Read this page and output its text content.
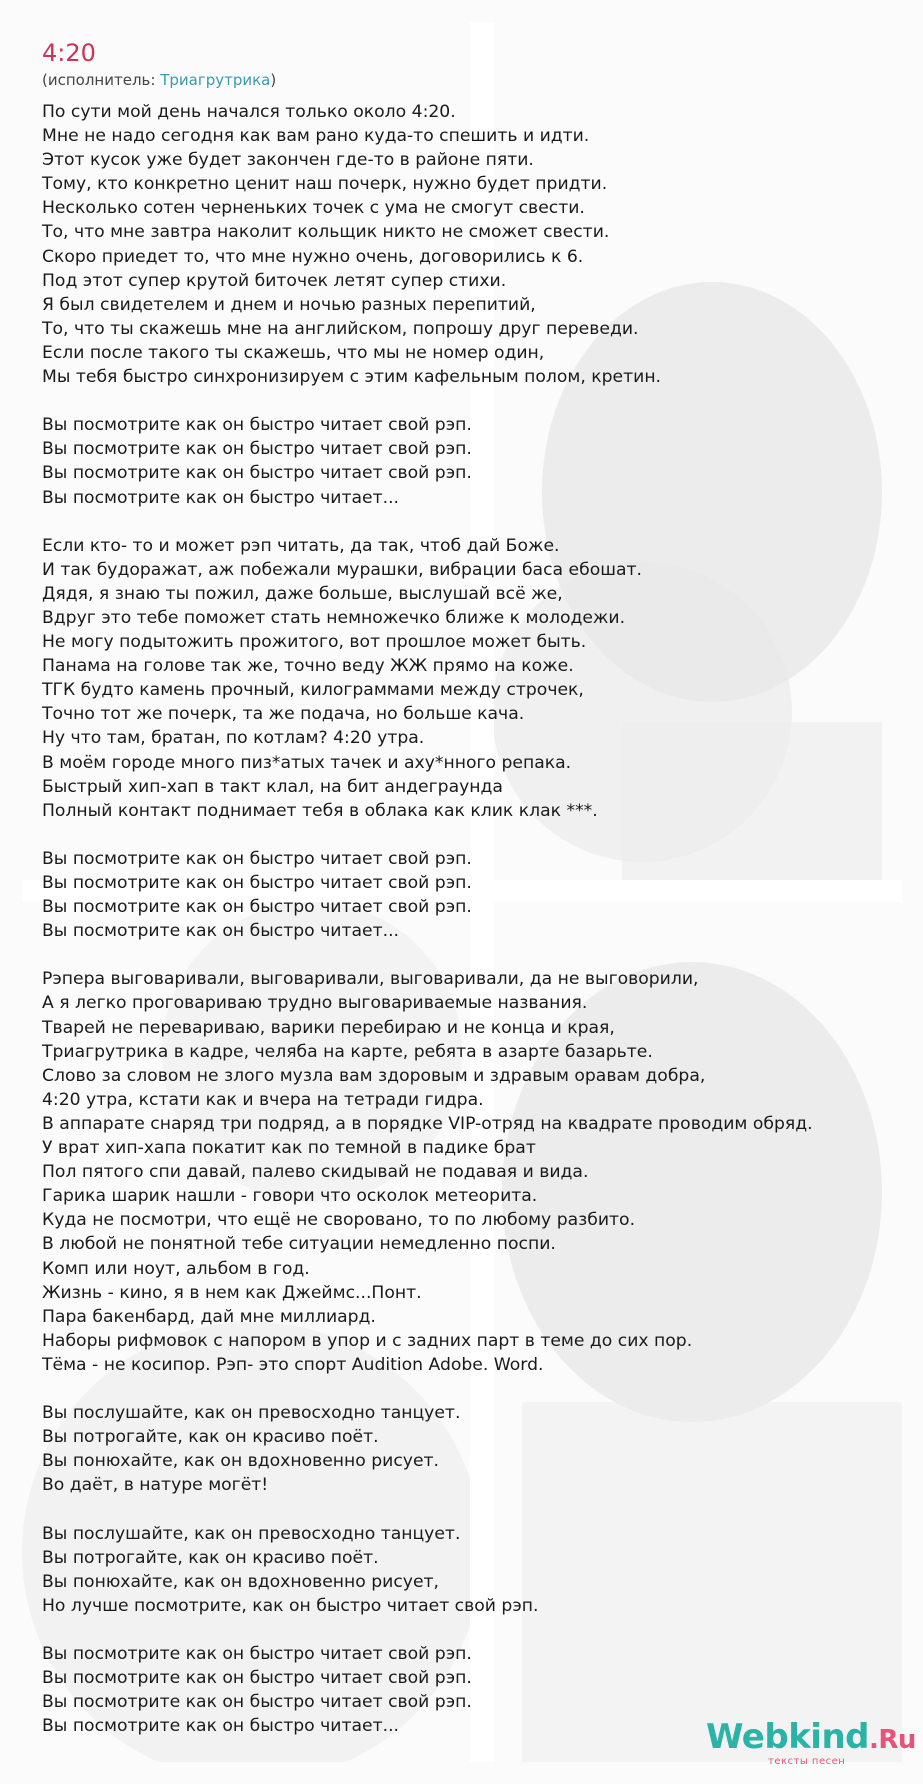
4:20
(исполнитель: Триагрутрика)
По сути мой день начался только около 4:20.
Мне не надо сегодня как вам рано куда-то спешить и идти.
Этот кусок уже будет закончен где-то в районе пяти.
Тому, кто конкретно ценит наш почерк, нужно будет придти.
Несколько сотен черненьких точек с ума не смогут свести.
То, что мне завтра наколит кольщик никто не сможет свести.
Скоро приедет то, что мне нужно очень, договорились к 6.
Под этот супер крутой биточек летят супер стихи.
Я был свидетелем и днем и ночью разных перепитий,
То, что ты скажешь мне на английском, попрошу друг переведи.
Если после такого ты скажешь, что мы не номер один,
Мы тебя быстро синхронизируем с этим кафельным полом, кретин.
Вы посмотрите как он быстро читает свой рэп.
Вы посмотрите как он быстро читает свой рэп.
Вы посмотрите как он быстро читает свой рэп.
Вы посмотрите как он быстро читает...
Если кто- то и может рэп читать, да так, чтоб дай Боже.
И так будоражат, аж побежали мурашки, вибрации баса ебошат.
Дядя, я знаю ты пожил, даже больше, выслушай всё же,
Вдруг это тебе поможет стать немножечко ближе к молодежи.
Не могу подытожить прожитого, вот прошлое может быть.
Панама на голове так же, точно веду ЖЖ прямо на коже.
ТГК будто камень прочный, килограммами между строчек,
Точно тот же почерк, та же подача, но больше кача.
Ну что там, братан, по котлам? 4:20 утра.
В моём городе много пиз*атых тачек и аху*нного репака.
Быстрый хип-хап в такт клал, на бит андеграунда
Полный контакт поднимает тебя в облака как клик клак ***.
Вы посмотрите как он быстро читает свой рэп.
Вы посмотрите как он быстро читает свой рэп.
Вы посмотрите как он быстро читает свой рэп.
Вы посмотрите как он быстро читает...
Рэпера выговаривали, выговаривали, выговаривали, да не выговорили,
А я легко проговариваю трудно выговариваемые названия.
Тварей не перевариваю, варики перебираю и не конца и края,
Триагрутрика в кадре, челяба на карте, ребята в азарте базарьте.
Слово за словом не злого музла вам здоровым и здравым оравам добра,
4:20 утра, кстати как и вчера на тетради гидра.
В аппарате снаряд три подряд, а в порядке VIP-отряд на квадрате проводим обряд.
У врат хип-хапа покатит как по темной в падике брат
Пол пятого спи давай, палево скидывай не подавая и вида.
Гарика шарик нашли - говори что осколок метеорита.
Куда не посмотри, что ещё не своровано, то по любому разбито.
В любой не понятной тебе ситуации немедленно поспи.
Комп или ноут, альбом в год.
Жизнь - кино, я в нем как Джеймс...Понт.
Пара бакенбард, дай мне миллиард.
Наборы рифмовок с напором в упор и с задних парт в теме до сих пор.
Тёма - не косипор. Рэп- это спорт Audition Adobe. Word.
Вы послушайте, как он превосходно танцует.
Вы потрогайте, как он красиво поёт.
Вы понюхайте, как он вдохновенно рисует.
Во даёт, в натуре могёт!
Вы послушайте, как он превосходно танцует.
Вы потрогайте, как он красиво поёт.
Вы понюхайте, как он вдохновенно рисует,
Но лучше посмотрите, как он быстро читает свой рэп.
Вы посмотрите как он быстро читает свой рэп.
Вы посмотрите как он быстро читает свой рэп.
Вы посмотрите как он быстро читает свой рэп.
Вы посмотрите как он быстро читает...	Webkind.Ru
тексты песен
